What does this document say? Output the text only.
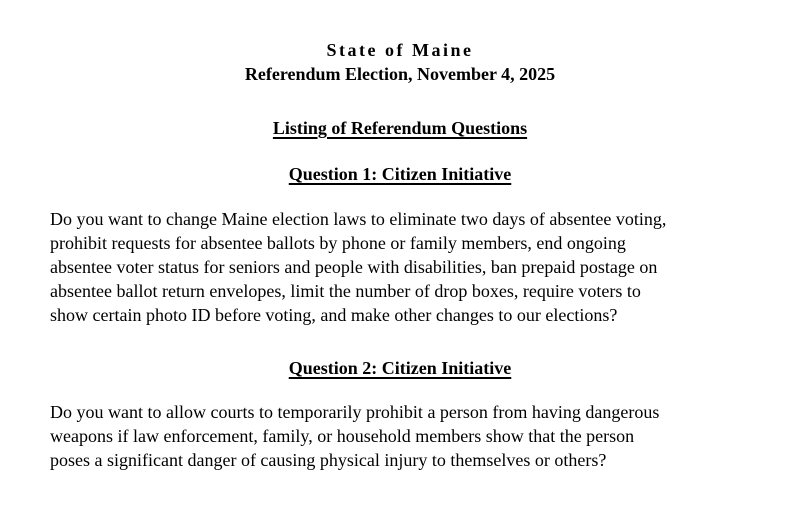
State of Maine
Referendum Election, November 4, 2025
Listing of Referendum Questions
Question 1: Citizen Initiative
Do you want to change Maine election laws to eliminate two days of absentee voting,
prohibit requests for absentee ballots by phone or family members, end ongoing
absentee voter status for seniors and people with disabilities, ban prepaid postage on
absentee ballot return envelopes, limit the number of drop boxes, require voters to
show certain photo ID before voting, and make other changes to our elections?
Question 2: Citizen Initiative
Do you want to allow courts to temporarily prohibit a person from having dangerous
weapons if law enforcement, family, or household members show that the person
poses a significant danger of causing physical injury to themselves or others?
